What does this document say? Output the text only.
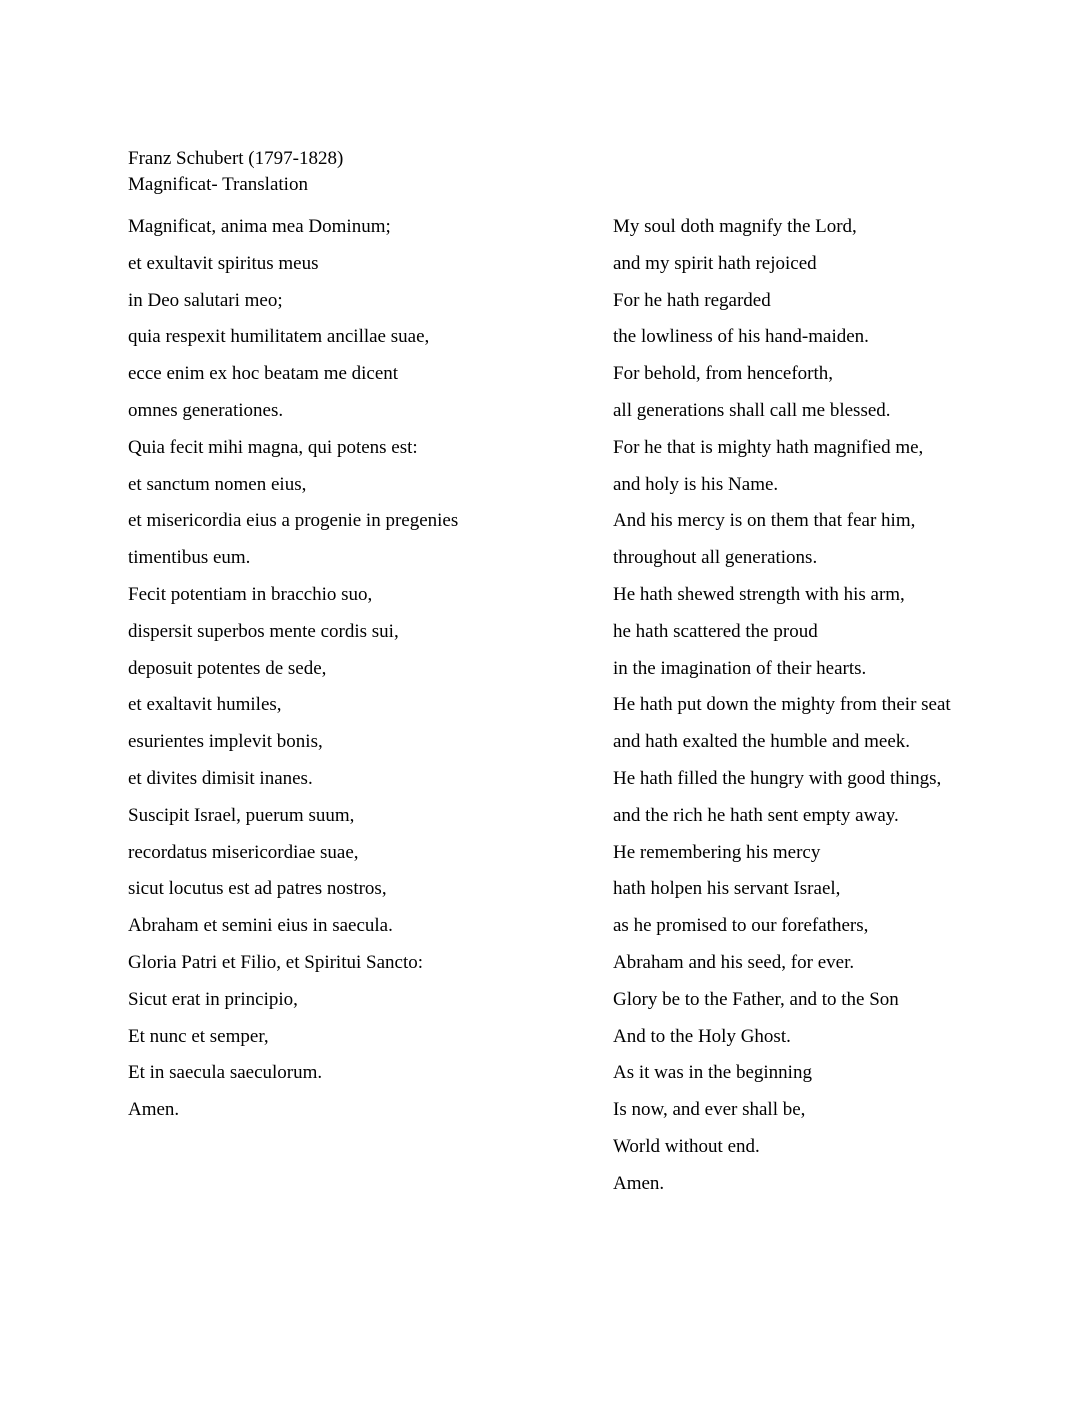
Franz Schubert (1797-1828)
Magnificat- Translation
Magnificat, anima mea Dominum;
et exultavit spiritus meus
in Deo salutari meo;
quia respexit humilitatem ancillae suae,
ecce enim ex hoc beatam me dicent
omnes generationes.
Quia fecit mihi magna, qui potens est:
et sanctum nomen eius,
et misericordia eius a progenie in pregenies
timentibus eum.
Fecit potentiam in bracchio suo,
dispersit superbos mente cordis sui,
deposuit potentes de sede,
et exaltavit humiles,
esurientes implevit bonis,
et divites dimisit inanes.
Suscipit Israel, puerum suum,
recordatus misericordiae suae,
sicut locutus est ad patres nostros,
Abraham et semini eius in saecula.
Gloria Patri et Filio, et Spiritui Sancto:
Sicut erat in principio,
Et nunc et semper,
Et in saecula saeculorum.
Amen.
My soul doth magnify the Lord,
and my spirit hath rejoiced
For he hath regarded
the lowliness of his hand-maiden.
For behold, from henceforth,
all generations shall call me blessed.
For he that is mighty hath magnified me,
and holy is his Name.
And his mercy is on them that fear him,
throughout all generations.
He hath shewed strength with his arm,
he hath scattered the proud
in the imagination of their hearts.
He hath put down the mighty from their seat
and hath exalted the humble and meek.
He hath filled the hungry with good things,
and the rich he hath sent empty away.
He remembering his mercy
hath holpen his servant Israel,
as he promised to our forefathers,
Abraham and his seed, for ever.
Glory be to the Father, and to the Son
And to the Holy Ghost.
As it was in the beginning
Is now, and ever shall be,
World without end.
Amen.
